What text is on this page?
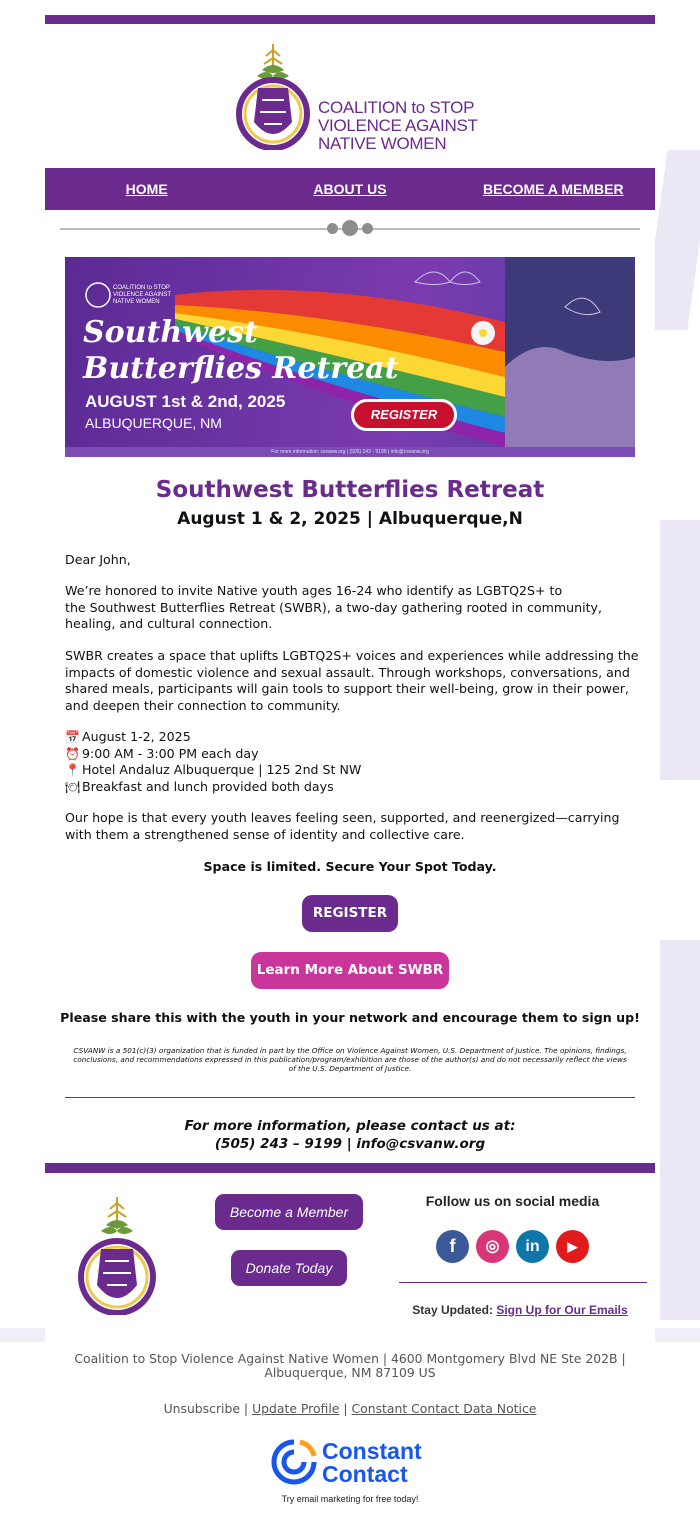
COALITION to STOP
VIOLENCE AGAINST
NATIVE WOMEN
HOME	ABOUT US	BECOME A MEMBER
COALITION to STOP
VIOLENCE AGAINST
NATIVE WOMEN
Southwest
Butterflies Retreat
AUGUST 1st & 2nd, 2025
ALBUQUERQUE, NM
REGISTER
For more information: csvanw.org | (505) 243 - 9199 | info@csvanw.org
Southwest Butterflies Retreat
August 1 & 2, 2025 | Albuquerque,N
Dear John,
We’re honored to invite Native youth ages 16-24 who identify as LGBTQ2S+ to
the Southwest Butterflies Retreat (SWBR), a two-day gathering rooted in community,
healing, and cultural connection.
SWBR creates a space that uplifts LGBTQ2S+ voices and experiences while addressing the
impacts of domestic violence and sexual assault. Through workshops, conversations, and
shared meals, participants will gain tools to support their well-being, grow in their power,
and deepen their connection to community.
📅 August 1-2, 2025
⏰ 9:00 AM - 3:00 PM each day
📍 Hotel Andaluz Albuquerque | 125 2nd St NW
🍽 Breakfast and lunch provided both days
Our hope is that every youth leaves feeling seen, supported, and reenergized—carrying
with them a strengthened sense of identity and collective care.
Space is limited. Secure Your Spot Today.
REGISTER
Learn More About SWBR
Please share this with the youth in your network and encourage them to sign up!
CSVANW is a 501(c)(3) organization that is funded in part by the Office on Violence Against Women, U.S. Department of Justice. The opinions, findings, conclusions, and recommendations expressed in this publication/program/exhibition are those of the author(s) and do not necessarily reflect the views of the U.S. Department of Justice.
For more information, please contact us at:
(505) 243 – 9199 | info@csvanw.org
Become a Member
Donate Today
Follow us on social media
f	◎	in	▶
Stay Updated: Sign Up for Our Emails
Coalition to Stop Violence Against Native Women | 4600 Montgomery Blvd NE Ste 202B |
Albuquerque, NM 87109 US
Unsubscribe | Update Profile | Constant Contact Data Notice
Constant
Contact
Try email marketing for free today!
